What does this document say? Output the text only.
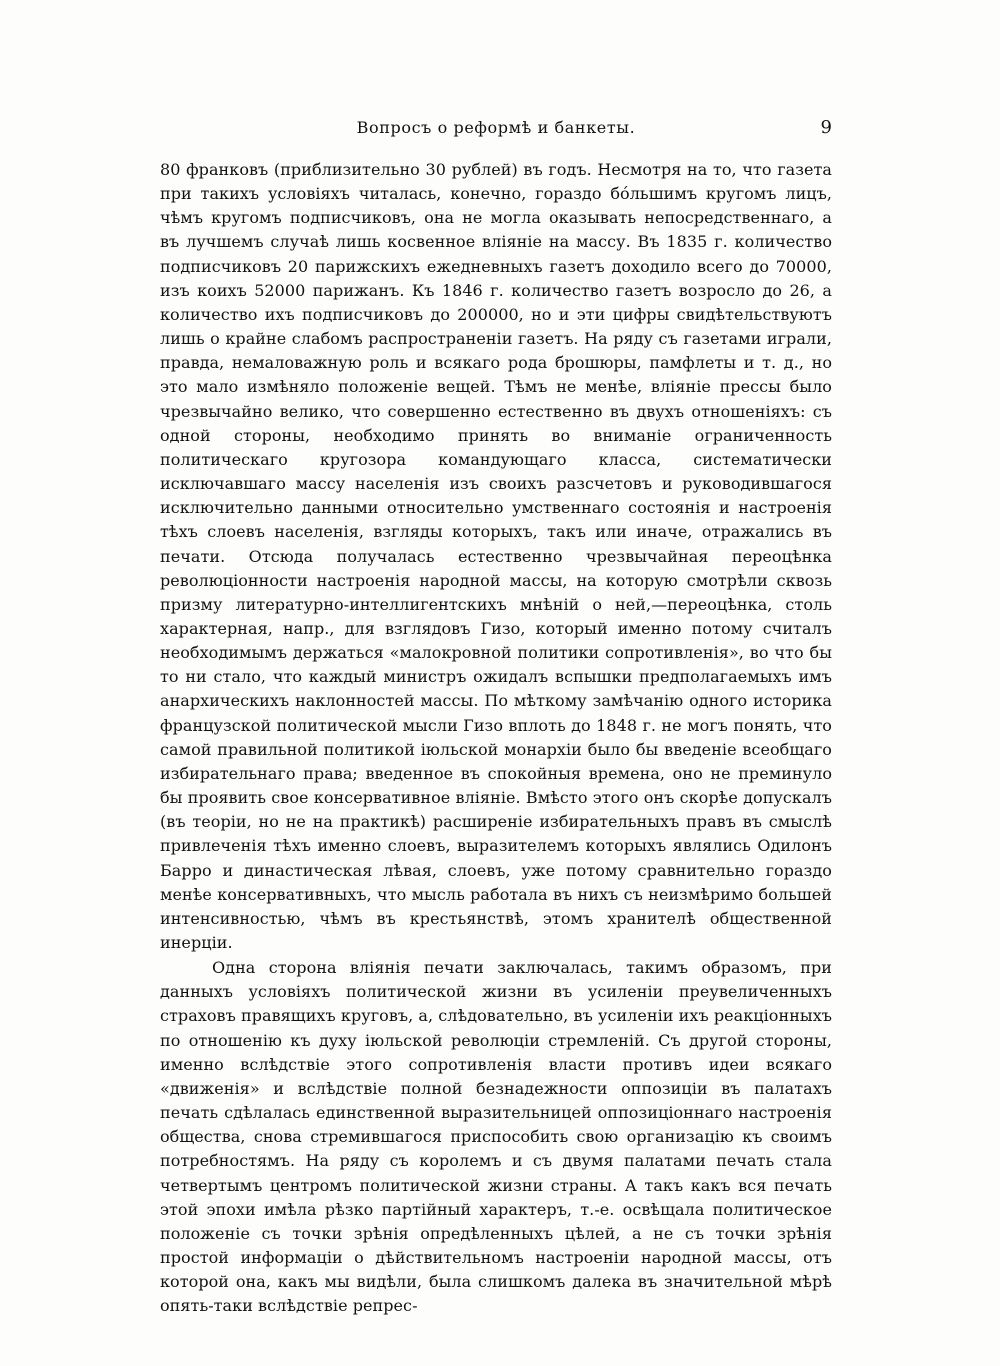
Вопросъ о реформѣ и банкеты.	9

80 франковъ (приблизительно 30 рублей) въ годъ. Несмотря на то, что газета при такихъ условіяхъ читалась, конечно, гораздо бо́льшимъ кругомъ лицъ, чѣмъ кругомъ подписчиковъ, она не могла оказывать непосредственнаго, а въ лучшемъ случаѣ лишь косвенное вліяніе на массу. Въ 1835 г. количество подписчиковъ 20 парижскихъ ежедневныхъ газетъ доходило всего до 70000, изъ коихъ 52000 парижанъ. Къ 1846 г. количество газетъ возросло до 26, а количество ихъ подписчиковъ до 200000, но и эти цифры свидѣтельствуютъ лишь о крайне слабомъ распространеніи газетъ. На ряду съ газетами играли, правда, немаловажную роль и всякаго рода брошюры, памфлеты и т. д., но это мало измѣняло положеніе вещей. Тѣмъ не менѣе, вліяніе прессы было чрезвычайно велико, что совершенно естественно въ двухъ отношеніяхъ: съ одной стороны, необходимо принять во вниманіе ограниченность политическаго кругозора командующаго класса, систематически исключавшаго массу населенія изъ своихъ разсчетовъ и руководившагося исключительно данными относительно умственнаго состоянія и настроенія тѣхъ слоевъ населенія, взгляды которыхъ, такъ или иначе, отражались въ печати. Отсюда получалась естественно чрезвычайная переоцѣнка революціонности настроенія народной массы, на которую смотрѣли сквозь призму литературно-интеллигентскихъ мнѣній о ней,—переоцѣнка, столь характерная, напр., для взглядовъ Гизо, который именно потому считалъ необходимымъ держаться «малокровной политики сопротивленія», во что бы то ни стало, что каждый министръ ожидалъ вспышки предполагаемыхъ имъ анархическихъ наклонностей массы. По мѣткому замѣчанію одного историка французской политической мысли Гизо вплоть до 1848 г. не могъ понять, что самой правильной политикой іюльской монархіи было бы введеніе всеобщаго избирательнаго права; введенное въ спокойныя времена, оно не преминуло бы проявить свое консервативное вліяніе. Вмѣсто этого онъ скорѣе допускалъ (въ теоріи, но не на практикѣ) расширеніе избирательныхъ правъ въ смыслѣ привлеченія тѣхъ именно слоевъ, выразителемъ которыхъ являлись Одилонъ Барро и династическая лѣвая, слоевъ, уже потому сравнительно гораздо менѣе консервативныхъ, что мысль работала въ нихъ съ неизмѣримо большей интенсивностью, чѣмъ въ крестьянствѣ, этомъ хранителѣ общественной инерціи.

Одна сторона вліянія печати заключалась, такимъ образомъ, при данныхъ условіяхъ политической жизни въ усиленіи преувеличенныхъ страховъ правящихъ круговъ, а, слѣдовательно, въ усиленіи ихъ реакціонныхъ по отношенію къ духу іюльской революціи стремленій. Съ другой стороны, именно вслѣдствіе этого сопротивленія власти противъ идеи всякаго «движенія» и вслѣдствіе полной безнадежности оппозиціи въ палатахъ печать сдѣлалась единственной выразительницей оппозиціоннаго настроенія общества, снова стремившагося приспособить свою организацію къ своимъ потребностямъ. На ряду съ королемъ и съ двумя палатами печать стала четвертымъ центромъ политической жизни страны. А такъ какъ вся печать этой эпохи имѣла рѣзко партійный характеръ, т.-е. освѣщала политическое положеніе съ точки зрѣнія опредѣленныхъ цѣлей, а не съ точки зрѣнія простой информаціи о дѣйствительномъ настроеніи народной массы, отъ которой она, какъ мы видѣли, была слишкомъ далека въ значительной мѣрѣ опять-таки вслѣдствіе репрес-
